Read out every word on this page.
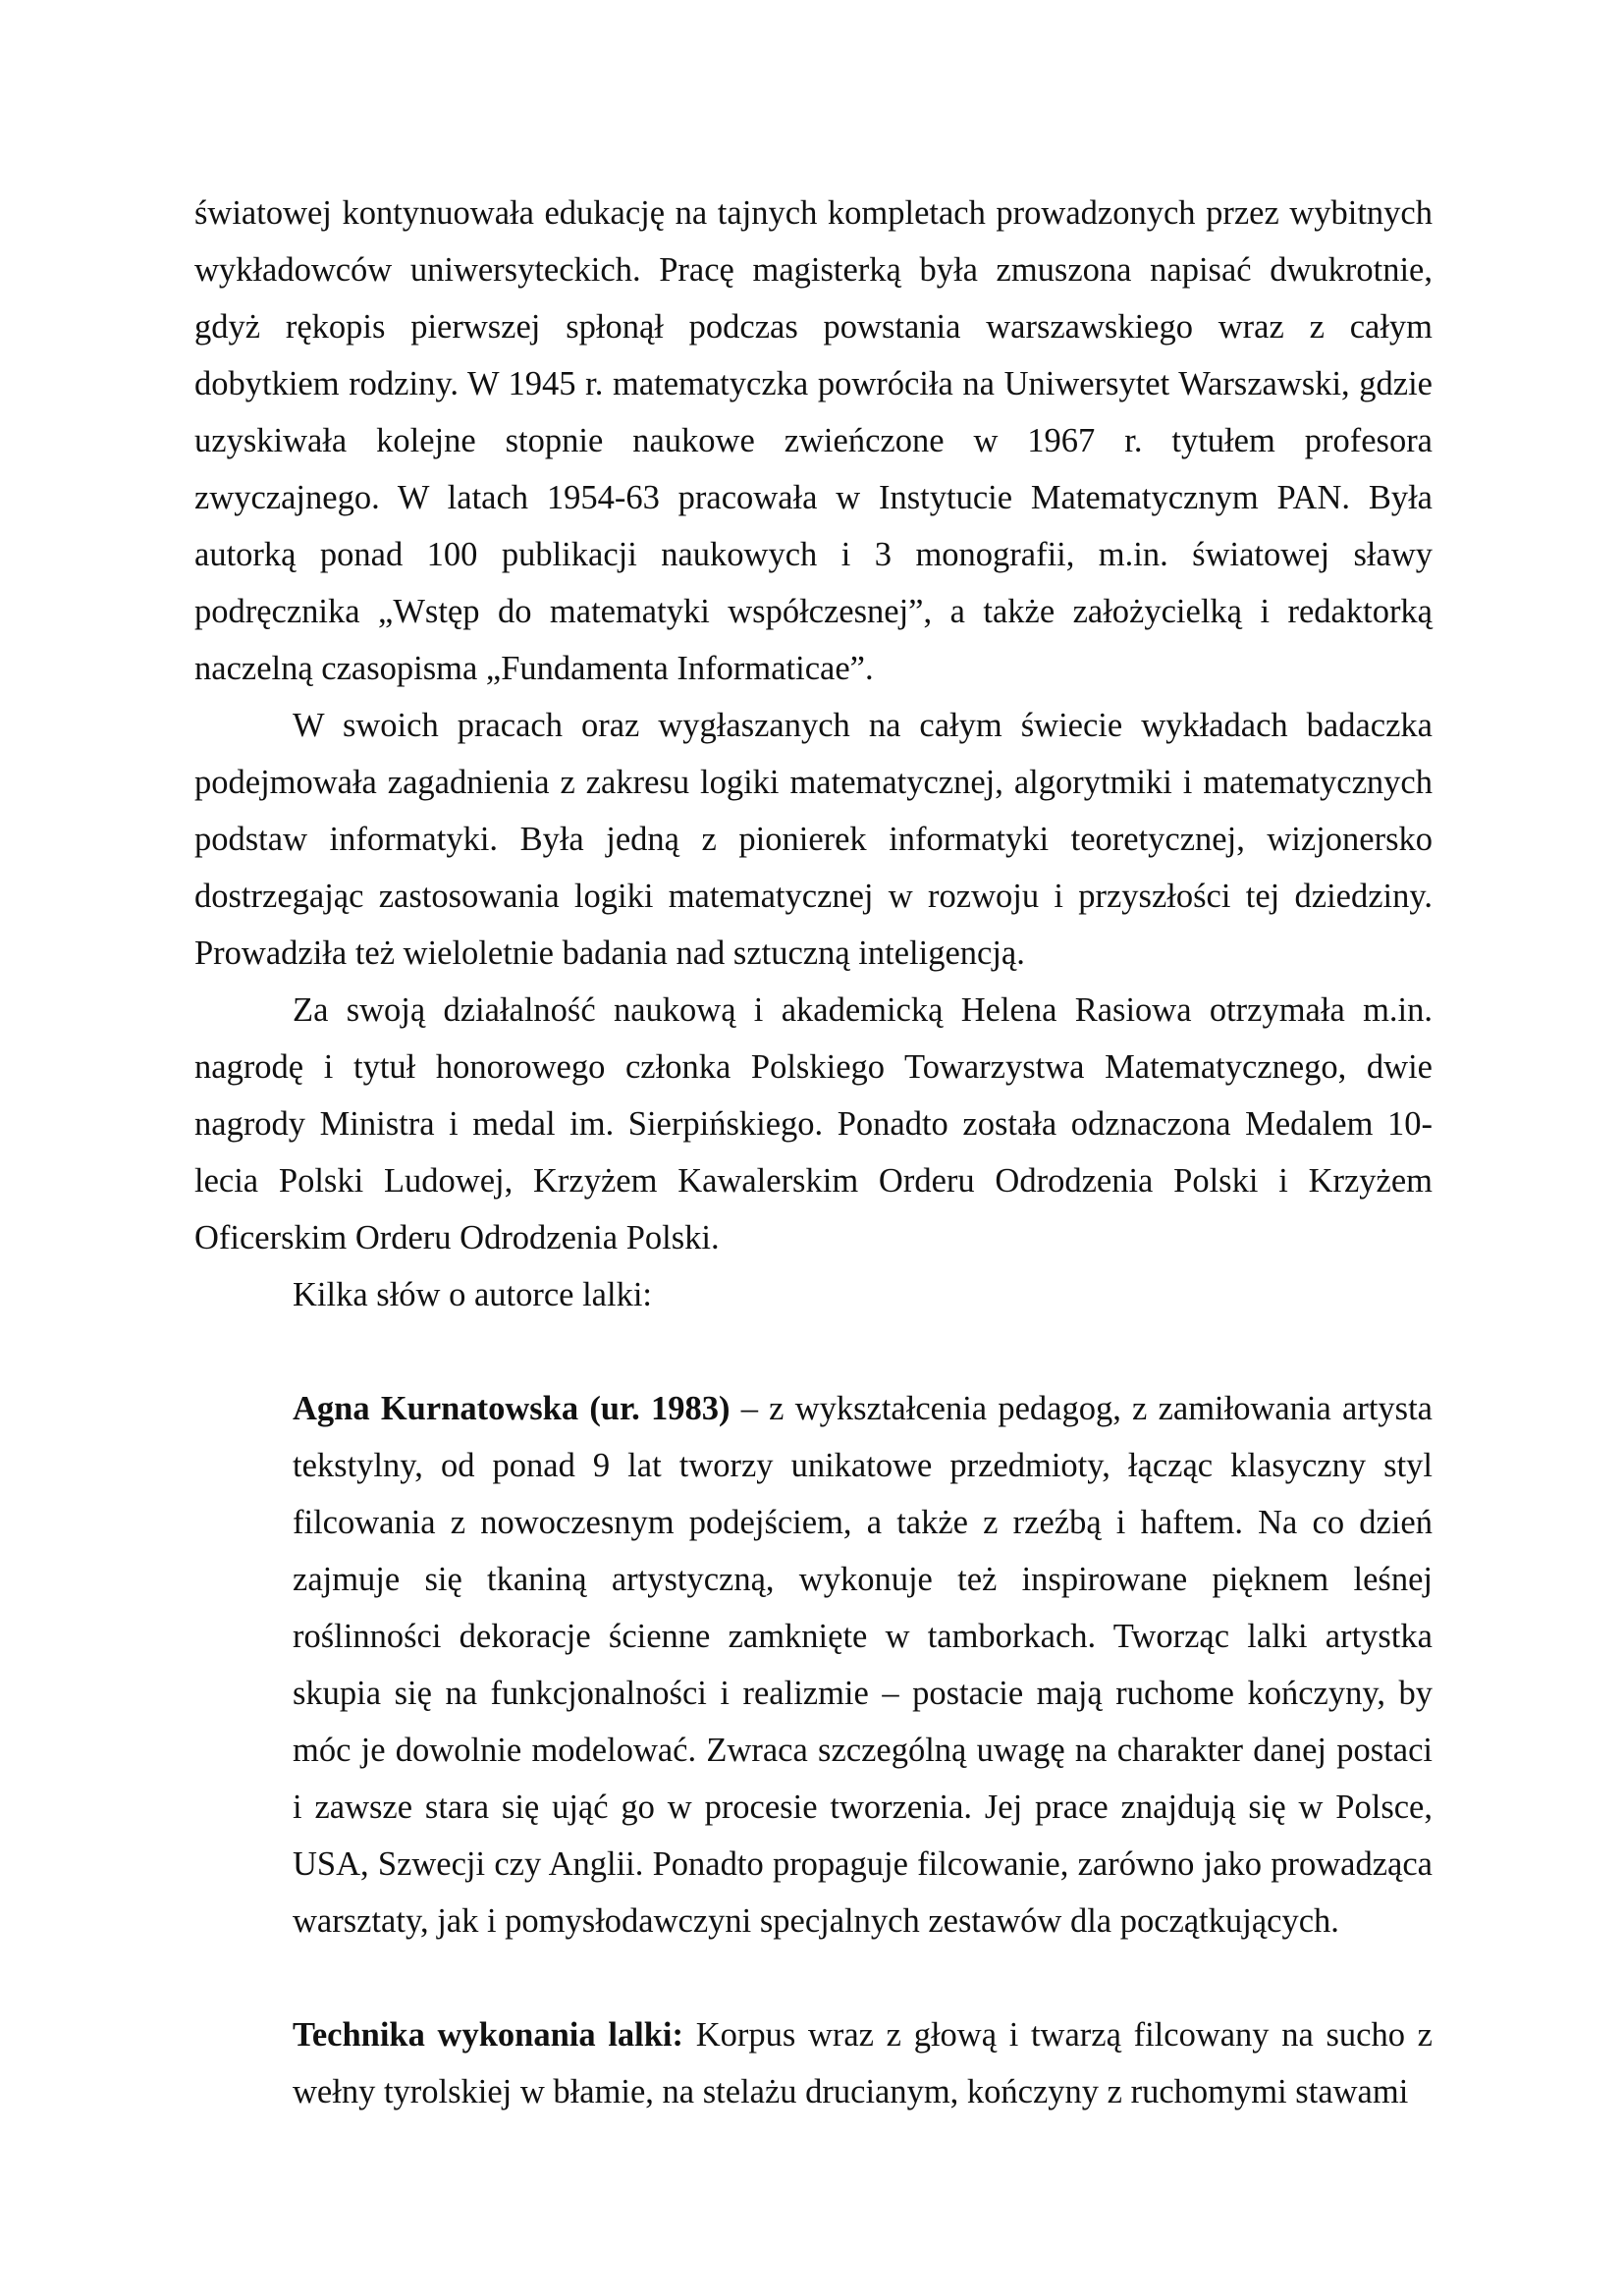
światowej kontynuowała edukację na tajnych kompletach prowadzonych przez wybitnych wykładowców uniwersyteckich. Pracę magisterką była zmuszona napisać dwukrotnie, gdyż rękopis pierwszej spłonął podczas powstania warszawskiego wraz z całym dobytkiem rodziny. W 1945 r. matematyczka powróciła na Uniwersytet Warszawski, gdzie uzyskiwała kolejne stopnie naukowe zwieńczone w 1967 r. tytułem profesora zwyczajnego. W latach 1954-63 pracowała w Instytucie Matematycznym PAN. Była autorką ponad 100 publikacji naukowych i 3 monografii, m.in. światowej sławy podręcznika „Wstęp do matematyki współczesnej”, a także założycielką i redaktorką naczelną czasopisma „Fundamenta Informaticae”.

W swoich pracach oraz wygłaszanych na całym świecie wykładach badaczka podejmowała zagadnienia z zakresu logiki matematycznej, algorytmiki i matematycznych podstaw informatyki. Była jedną z pionierek informatyki teoretycznej, wizjonersko dostrzegając zastosowania logiki matematycznej w rozwoju i przyszłości tej dziedziny. Prowadziła też wieloletnie badania nad sztuczną inteligencją.

Za swoją działalność naukową i akademicką Helena Rasiowa otrzymała m.in. nagrodę i tytuł honorowego członka Polskiego Towarzystwa Matematycznego, dwie nagrody Ministra i medal im. Sierpińskiego. Ponadto została odznaczona Medalem 10-lecia Polski Ludowej, Krzyżem Kawalerskim Orderu Odrodzenia Polski i Krzyżem Oficerskim Orderu Odrodzenia Polski.

Kilka słów o autorce lalki:

Agna Kurnatowska (ur. 1983) – z wykształcenia pedagog, z zamiłowania artysta tekstylny, od ponad 9 lat tworzy unikatowe przedmioty, łącząc klasyczny styl filcowania z nowoczesnym podejściem, a także z rzeźbą i haftem. Na co dzień zajmuje się tkaniną artystyczną, wykonuje też inspirowane pięknem leśnej roślinności dekoracje ścienne zamknięte w tamborkach. Tworząc lalki artystka skupia się na funkcjonalności i realizmie – postacie mają ruchome kończyny, by móc je dowolnie modelować. Zwraca szczególną uwagę na charakter danej postaci i zawsze stara się ująć go w procesie tworzenia. Jej prace znajdują się w Polsce, USA, Szwecji czy Anglii. Ponadto propaguje filcowanie, zarówno jako prowadząca warsztaty, jak i pomysłodawczyni specjalnych zestawów dla początkujących.

Technika wykonania lalki: Korpus wraz z głową i twarzą filcowany na sucho z wełny tyrolskiej w błamie, na stelażu drucianym, kończyny z ruchomymi stawami
